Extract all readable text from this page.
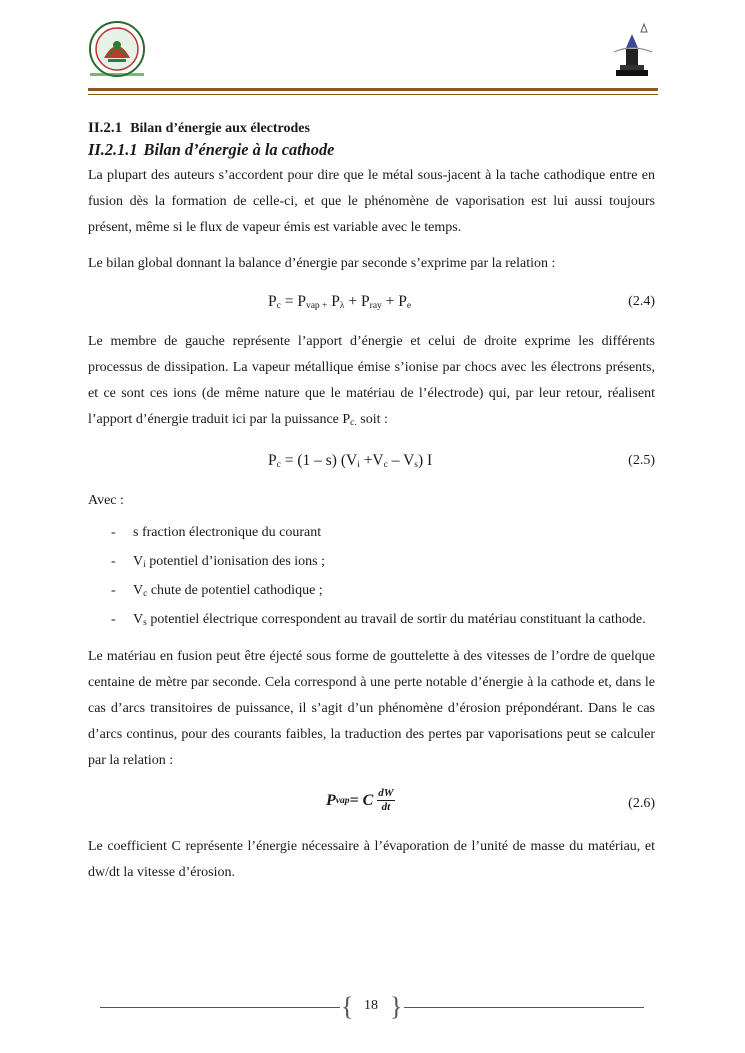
II.2.1 Bilan d’énergie aux électrodes
II.2.1.1 Bilan d’énergie à la cathode

La plupart des auteurs s’accordent pour dire que le métal sous-jacent à la tache cathodique entre en fusion dès la formation de celle-ci, et que le phénomène de vaporisation est lui aussi toujours présent, même si le flux de vapeur émis est variable avec le temps.

Le bilan global donnant la balance d’énergie par seconde s’exprime par la relation :

$P_c = P_{vap +}$ $P_\lambda + P_{ray} + P_e$	(2.4)

Le membre de gauche représente l’apport d’énergie et celui de droite exprime les différents processus de dissipation. La vapeur métallique émise s’ionise par chocs avec les électrons présents, et ce sont ces ions (de même nature que le matériau de l’électrode) qui, par leur retour, réalisent l’apport d’énergie traduit ici par la puissance $P_{c.}$ soit :

$P_c = (1 - s)$ $(V_i +V_c - V_s)$ I	(2.5)

Avec :

- s fraction électronique du courant
- $V_i$ potentiel d’ionisation des ions ;
- $V_c$ chute de potentiel cathodique ;
- $V_s$ potentiel électrique correspondent au travail de sortir du matériau constituant la cathode.

Le matériau en fusion peut être éjecté sous forme de gouttelette à des vitesses de l’ordre de quelque centaine de mètre par seconde. Cela correspond à une perte notable d’énergie à la cathode et, dans le cas d’arcs transitoires de puissance, il s’agit d’un phénomène d’érosion prépondérant. Dans le cas d’arcs continus, pour des courants faibles, la traduction des pertes par vaporisations peut se calculer par la relation :

P vap = C $\frac{dW}{dt}$	(2.6)

Le coefficient C représente l’énergie nécessaire à l’évaporation de l’unité de masse du matériau, et dw/dt la vitesse d’érosion.

{ }
18
